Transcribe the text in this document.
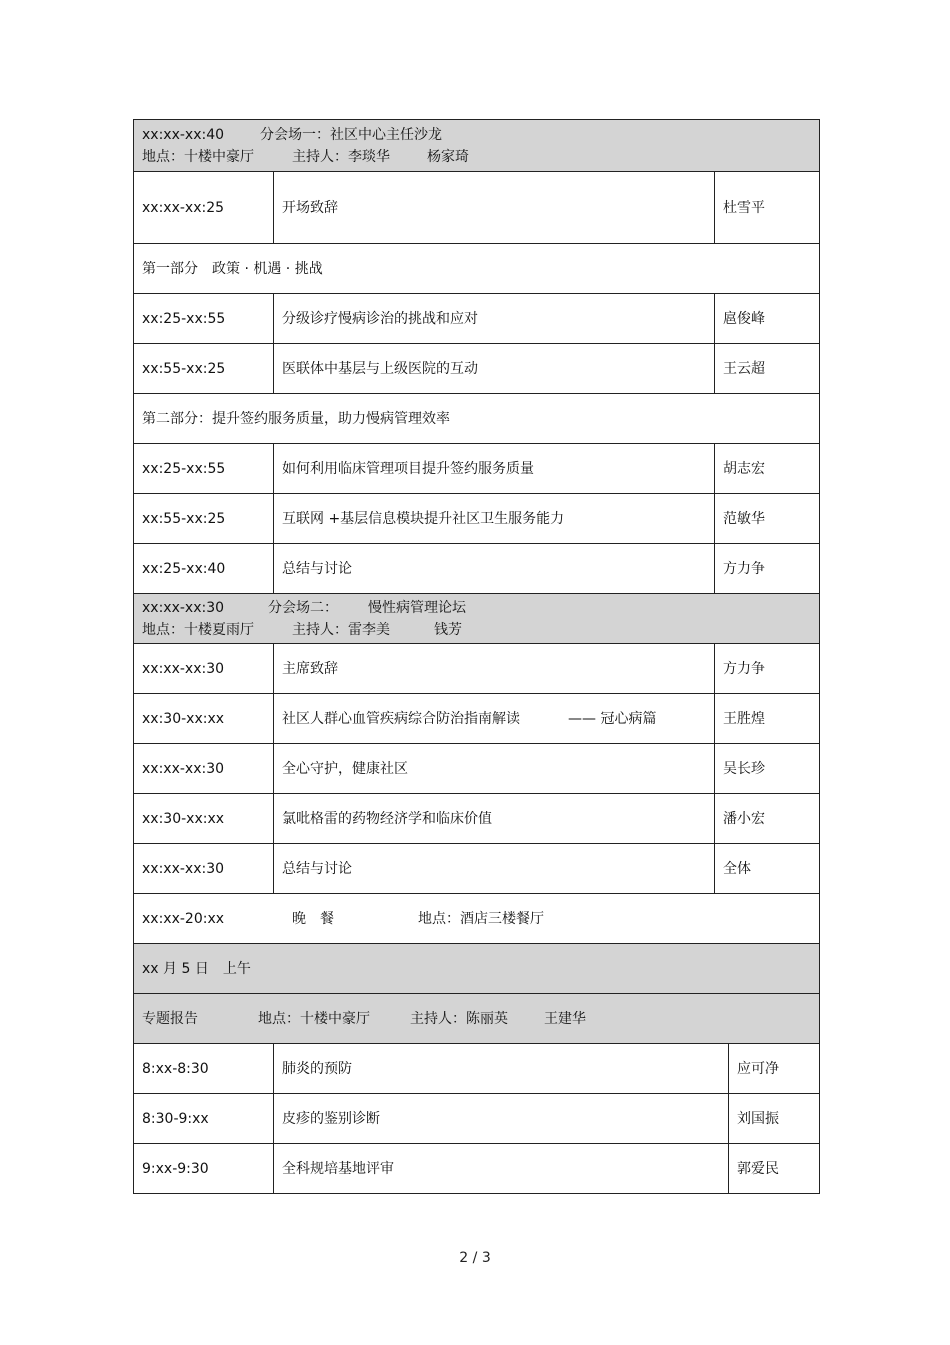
xx:xx-xx:40 分会场一：社区中心主任沙龙
地点：十楼中豪厅 主持人：李琰华 杨家琦		

xx:xx-xx:25	开场致辞	杜雪平
第一部分　政策 · 机遇 · 挑战		
xx:25-xx:55	分级诊疗慢病诊治的挑战和应对	扈俊峰
xx:55-xx:25	医联体中基层与上级医院的互动	王云超
第二部分：提升签约服务质量，助力慢病管理效率		
xx:25-xx:55	如何利用临床管理项目提升签约服务质量	胡志宏
xx:55-xx:25	互联网 +基层信息模块提升社区卫生服务能力	范敏华
xx:25-xx:40	总结与讨论	方力争

xx:xx-xx:30 分会场二： 慢性病管理论坛
地点：十楼夏雨厅 主持人：雷李美 钱芳		

xx:xx-xx:30	主席致辞	方力争
xx:30-xx:xx	社区人群心血管疾病综合防治指南解读 —— 冠心病篇	王胜煌
xx:xx-xx:30	全心守护，健康社区	吴长珍
xx:30-xx:xx	氯吡格雷的药物经济学和临床价值	潘小宏
xx:xx-xx:30	总结与讨论	全体
xx:xx-20:xx 晚　餐 地点：酒店三楼餐厅		
xx 月 5 日　上午		
专题报告 地点：十楼中豪厅 主持人：陈丽英 王建华		
8:xx-8:30	肺炎的预防	应可净
8:30-9:xx	皮疹的鉴别诊断	刘国振
9:xx-9:30	全科规培基地评审	郭爱民
2 / 3
